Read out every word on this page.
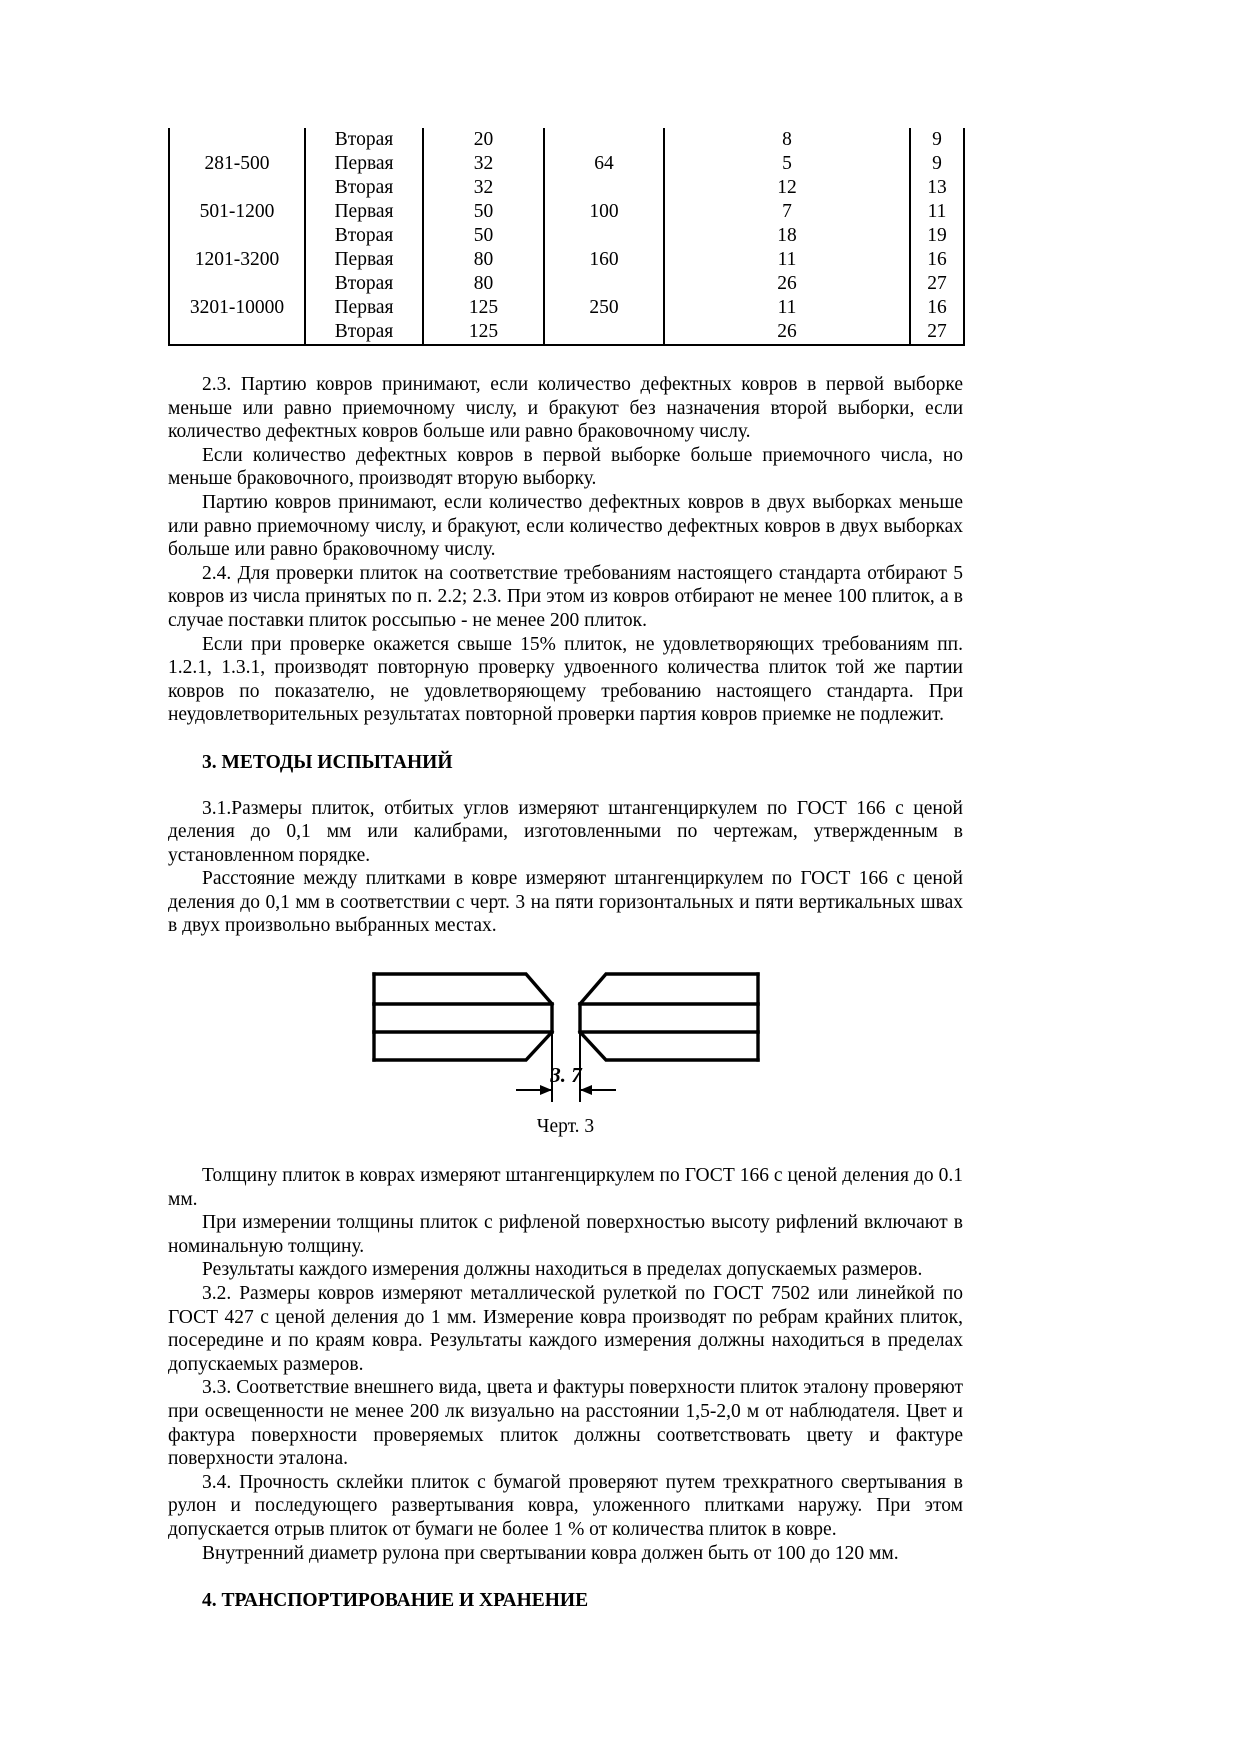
	Вторая	20		8	9
281-500	Первая	32	64	5	9
	Вторая	32		12	13
501-1200	Первая	50	100	7	11
	Вторая	50		18	19
1201-3200	Первая	80	160	11	16
	Вторая	80		26	27
3201-10000	Первая	125	250	11	16
	Вторая	125		26	27

2.3. Партию ковров принимают, если количество дефектных ковров в первой выборке меньше или равно приемочному числу, и бракуют без назначения второй выборки, если количество дефектных ковров больше или равно браковочному числу.

Если количество дефектных ковров в первой выборке больше приемочного числа, но меньше браковочного, производят вторую выборку.

Партию ковров принимают, если количество дефектных ковров в двух выборках меньше или равно приемочному числу, и бракуют, если количество дефектных ковров в двух выборках больше или равно браковочному числу.

2.4. Для проверки плиток на соответствие требованиям настоящего стандарта отбирают 5 ковров из числа принятых по п. 2.2; 2.3. При этом из ковров отбирают не менее 100 плиток, а в случае поставки плиток россыпью - не менее 200 плиток.

Если при проверке окажется свыше 15% плиток, не удовлетворяющих требованиям пп. 1.2.1, 1.3.1, производят повторную проверку удвоенного количества плиток той же партии ковров по показателю, не удовлетворяющему требованию настоящего стандарта. При неудовлетворительных результатах повторной проверки партия ковров приемке не подлежит.

3. МЕТОДЫ ИСПЫТАНИЙ

3.1.Размеры плиток, отбитых углов измеряют штангенциркулем по ГОСТ 166 с ценой деления до 0,1 мм или калибрами, изготовленными по чертежам, утвержденным в установленном порядке.

Расстояние между плитками в ковре измеряют штангенциркулем по ГОСТ 166 с ценой деления до 0,1 мм в соответствии с черт. 3 на пяти горизонтальных и пяти вертикальных швах в двух произвольно выбранных местах.

3. 7
Черт. 3

Толщину плиток в коврах измеряют штангенциркулем по ГОСТ 166 с ценой деления до 0.1 мм.

При измерении толщины плиток с рифленой поверхностью высоту рифлений включают в номинальную толщину.

Результаты каждого измерения должны находиться в пределах допускаемых размеров.

3.2. Размеры ковров измеряют металлической рулеткой по ГОСТ 7502 или линейкой по ГОСТ 427 с ценой деления до 1 мм. Измерение ковра производят по ребрам крайних плиток, посередине и по краям ковра. Результаты каждого измерения должны находиться в пределах допускаемых размеров.

3.3. Соответствие внешнего вида, цвета и фактуры поверхности плиток эталону проверяют при освещенности не менее 200 лк визуально на расстоянии 1,5-2,0 м от наблюдателя. Цвет и фактура поверхности проверяемых плиток должны соответствовать цвету и фактуре поверхности эталона.

3.4. Прочность склейки плиток с бумагой проверяют путем трехкратного свертывания в рулон и последующего развертывания ковра, уложенного плитками наружу. При этом допускается отрыв плиток от бумаги не более 1 % от количества плиток в ковре.

Внутренний диаметр рулона при свертывании ковра должен быть от 100 до 120 мм.

4. ТРАНСПОРТИРОВАНИЕ И ХРАНЕНИЕ
